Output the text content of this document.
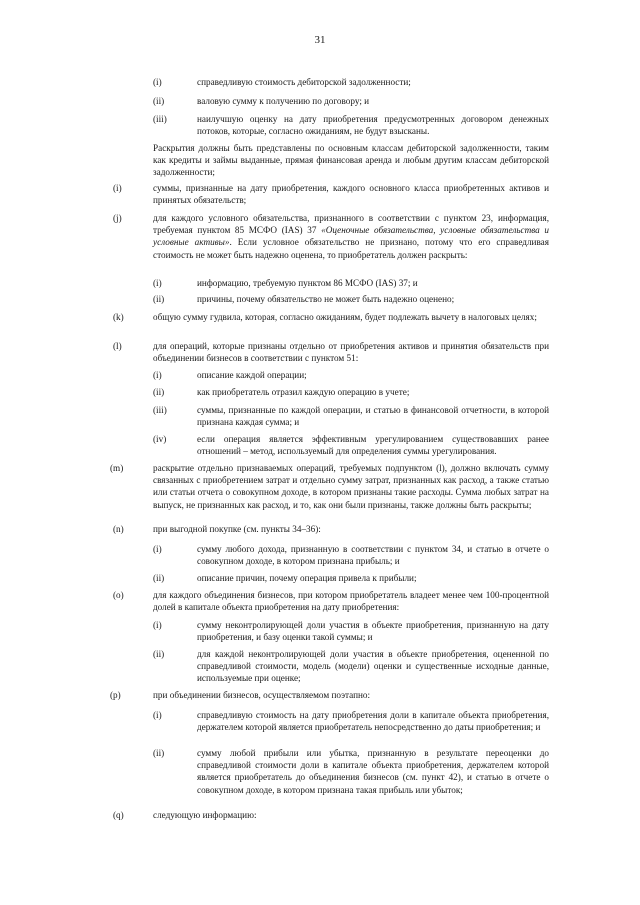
31
(i)	справедливую стоимость дебиторской задолженности;
(ii)	валовую сумму к получению по договору; и
(iii)	наилучшую оценку на дату приобретения предусмотренных договором денежных потоков, которые, согласно ожиданиям, не будут взысканы.
Раскрытия должны быть представлены по основным классам дебиторской задолженности, таким как кредиты и займы выданные, прямая финансовая аренда и любым другим классам дебиторской задолженности;
(i)	суммы, признанные на дату приобретения, каждого основного класса приобретенных активов и принятых обязательств;
(j)	для каждого условного обязательства, признанного в соответствии с пунктом 23, информация, требуемая пунктом 85 МСФО (IAS) 37 «Оценочные обязательства, условные обязательства и условные активы». Если условное обязательство не признано, потому что его справедливая стоимость не может быть надежно оценена, то приобретатель должен раскрыть:
(i)	информацию, требуемую пунктом 86 МСФО (IAS) 37; и
(ii)	причины, почему обязательство не может быть надежно оценено;
(k)	общую сумму гудвила, которая, согласно ожиданиям, будет подлежать вычету в налоговых целях;
(l)	для операций, которые признаны отдельно от приобретения активов и принятия обязательств при объединении бизнесов в соответствии с пунктом 51:
(i)	описание каждой операции;
(ii)	как приобретатель отразил каждую операцию в учете;
(iii)	суммы, признанные по каждой операции, и статью в финансовой отчетности, в которой признана каждая сумма; и
(iv)	если операция является эффективным урегулированием существовавших ранее отношений – метод, используемый для определения суммы урегулирования.
(m)	раскрытие отдельно признаваемых операций, требуемых подпунктом (l), должно включать сумму связанных с приобретением затрат и отдельно сумму затрат, признанных как расход, а также статью или статьи отчета о совокупном доходе, в котором признаны такие расходы. Сумма любых затрат на выпуск, не признанных как расход, и то, как они были признаны, также должны быть раскрыты;
(n)	при выгодной покупке (см. пункты 34–36):
(i)	сумму любого дохода, признанную в соответствии с пунктом 34, и статью в отчете о совокупном доходе, в котором признана прибыль; и
(ii)	описание причин, почему операция привела к прибыли;
(o)	для каждого объединения бизнесов, при котором приобретатель владеет менее чем 100-процентной долей в капитале объекта приобретения на дату приобретения:
(i)	сумму неконтролирующей доли участия в объекте приобретения, признанную на дату приобретения, и базу оценки такой суммы; и
(ii)	для каждой неконтролирующей доли участия в объекте приобретения, оцененной по справедливой стоимости, модель (модели) оценки и существенные исходные данные, используемые при оценке;
(p)	при объединении бизнесов, осуществляемом поэтапно:
(i)	справедливую стоимость на дату приобретения доли в капитале объекта приобретения, держателем которой является приобретатель непосредственно до даты приобретения; и
(ii)	сумму любой прибыли или убытка, признанную в результате переоценки до справедливой стоимости доли в капитале объекта приобретения, держателем которой является приобретатель до объединения бизнесов (см. пункт 42), и статью в отчете о совокупном доходе, в котором признана такая прибыль или убыток;
(q)	следующую информацию:
